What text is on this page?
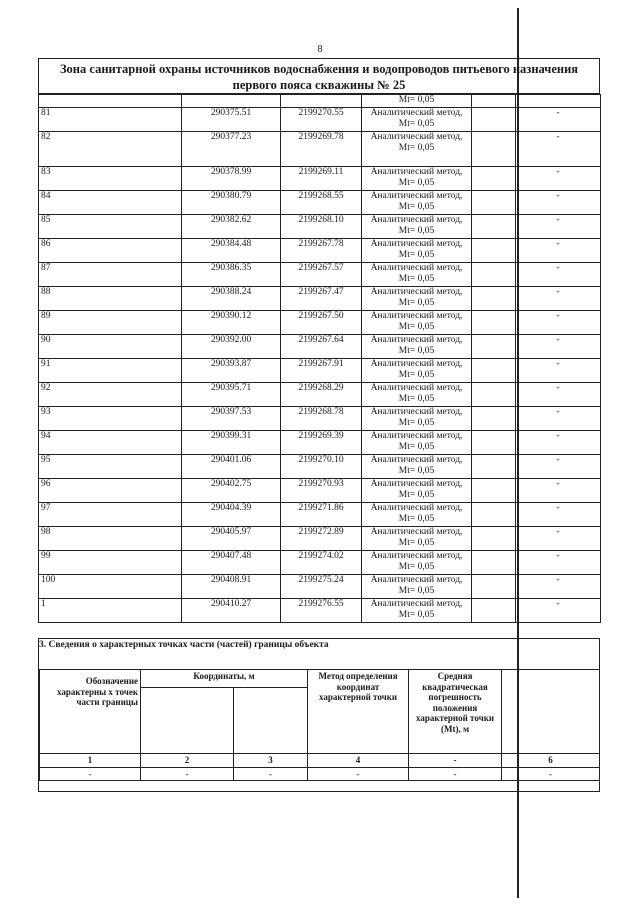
8
Зона санитарной охраны источников водоснабжения и водопроводов питьевого назначения первого пояса скважины № 25
			Мt= 0,05		
81	290375.51	2199270.55	Аналитический метод,
Мt= 0,05		-
82	290377.23	2199269.78	Аналитический метод,
Мt= 0,05		-
83	290378.99	2199269.11	Аналитический метод,
Мt= 0,05		-
84	290380.79	2199268.55	Аналитический метод,
Мt= 0,05		-
85	290382.62	2199268.10	Аналитический метод,
Мt= 0,05		-
86	290384.48	2199267.78	Аналитический метод,
Мt= 0,05		-
87	290386.35	2199267.57	Аналитический метод,
Мt= 0,05		-
88	290388.24	2199267.47	Аналитический метод,
Мt= 0,05		-
89	290390.12	2199267.50	Аналитический метод,
Мt= 0,05		-
90	290392.00	2199267.64	Аналитический метод,
Мt= 0,05		-
91	290393.87	2199267.91	Аналитический метод,
Мt= 0,05		-
92	290395.71	2199268.29	Аналитический метод,
Мt= 0,05		-
93	290397.53	2199268.78	Аналитический метод,
Мt= 0,05		-
94	290399.31	2199269.39	Аналитический метод,
Мt= 0,05		-
95	290401.06	2199270.10	Аналитический метод,
Мt= 0,05		-
96	290402.75	2199270.93	Аналитический метод,
Мt= 0,05		-
97	290404.39	2199271.86	Аналитический метод,
Мt= 0,05		-
98	290405.97	2199272.89	Аналитический метод,
Мt= 0,05		-
99	290407.48	2199274.02	Аналитический метод,
Мt= 0,05		-
100	290408.91	2199275.24	Аналитический метод,
Мt= 0,05		-
1	290410.27	2199276.55	Аналитический метод,
Мt= 0,05		-
3. Сведения о характерных точках части (частей) границы объекта
Обозначение характерны х точек части границы	Координаты, м		Метод определения координат характерной точки	Средняя квадратическая погрешность положения характерной точки (Мt), м	

1	2	3	4	-	6
-	-	-	-	-	-
